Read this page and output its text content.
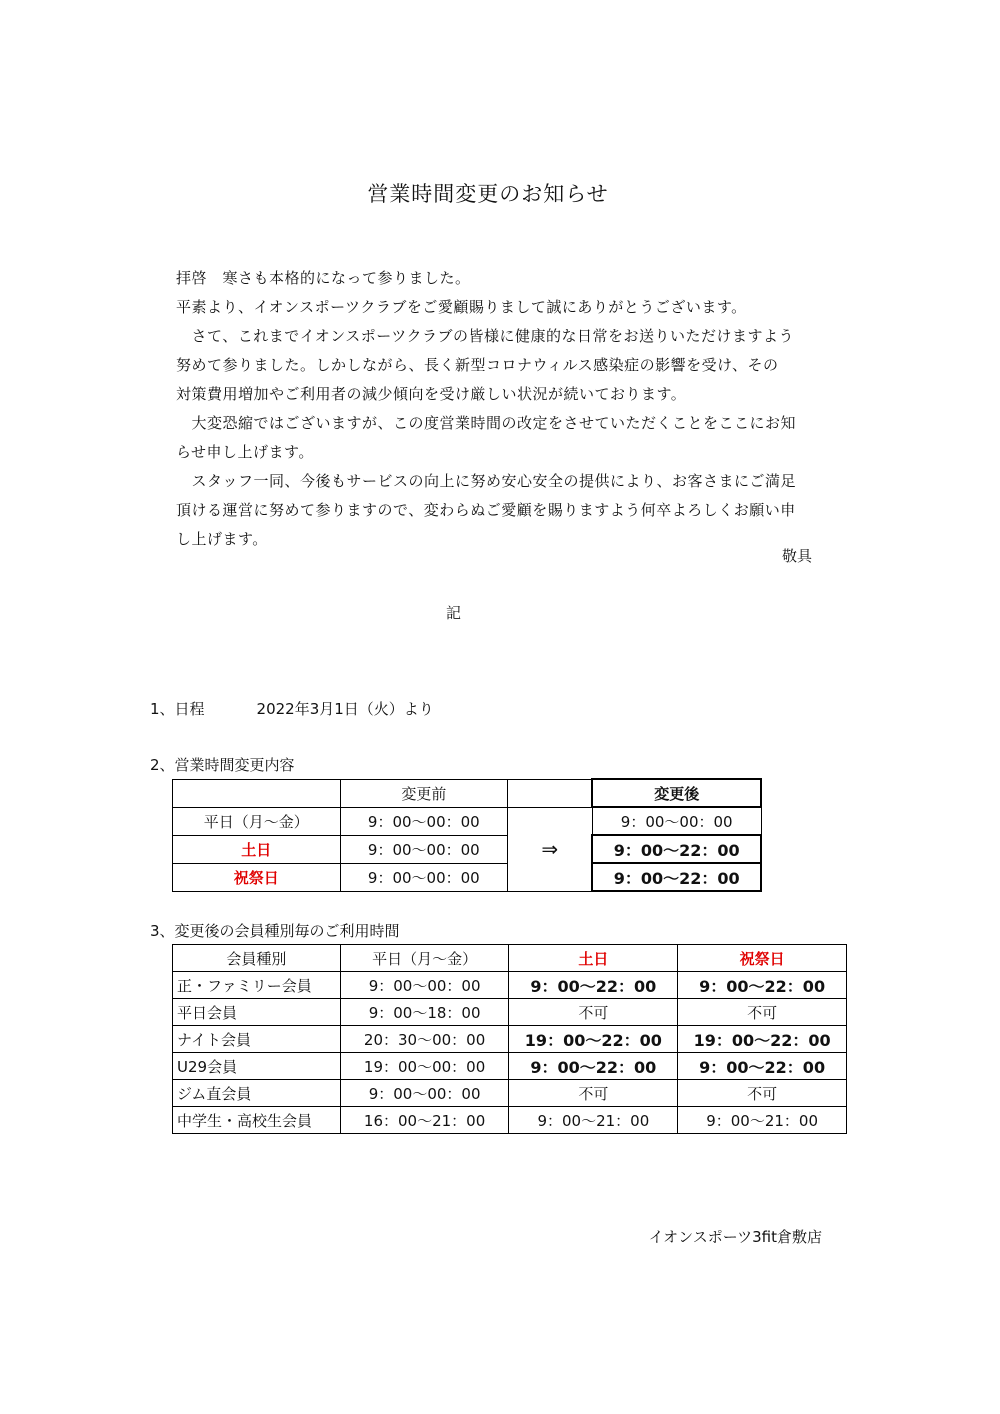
営業時間変更のお知らせ
拝啓　寒さも本格的になって参りました。
平素より、イオンスポーツクラブをご愛顧賜りまして誠にありがとうございます。
　さて、これまでイオンスポーツクラブの皆様に健康的な日常をお送りいただけますよう
努めて参りました。しかしながら、長く新型コロナウィルス感染症の影響を受け、その
対策費用増加やご利用者の減少傾向を受け厳しい状況が続いております。
　大変恐縮ではございますが、この度営業時間の改定をさせていただくことをここにお知
らせ申し上げます。
　スタッフ一同、今後もサービスの向上に努め安心安全の提供により、お客さまにご満足
頂ける運営に努めて参りますので、変わらぬご愛顧を賜りますよう何卒よろしくお願い申
し上げます。
敬具
記
1、日程	2022年3月1日（火）より
2、営業時間変更内容
	変更前		変更後
平日（月～金）	9：00～00：00	⇒	9：00～00：00
土日	9：00～00：00		9：00～22：00
祝祭日	9：00～00：00		9：00～22：00
3、変更後の会員種別毎のご利用時間
会員種別	平日（月～金）	土日	祝祭日
正・ファミリー会員	9：00～00：00	9：00～22：00	9：00～22：00
平日会員	9：00～18：00	不可	不可
ナイト会員	20：30～00：00	19：00～22：00	19：00～22：00
U29会員	19：00～00：00	9：00～22：00	9：00～22：00
ジム直会員	9：00～00：00	不可	不可
中学生・高校生会員	16：00～21：00	9：00～21：00	9：00～21：00
イオンスポーツ3fit倉敷店
